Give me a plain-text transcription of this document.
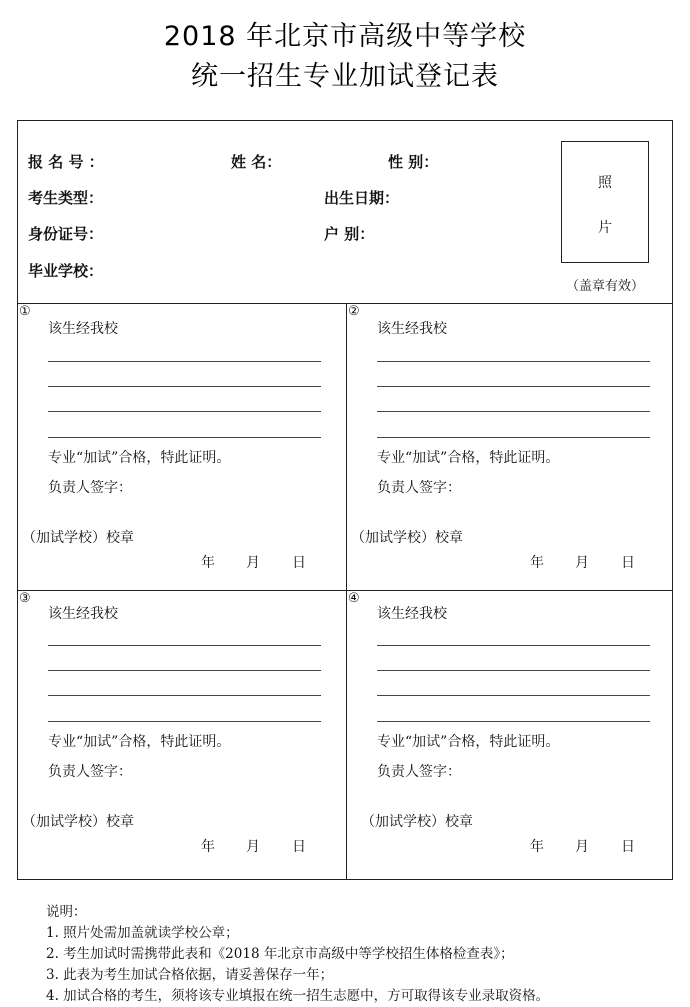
2018 年北京市高级中等学校
统一招生专业加试登记表
报 名 号 ：	姓 名：	性 别：
考生类型：	出生日期：
身份证号：	户 别：
毕业学校：
照
片
（盖章有效）
①
该生经我校
专业“加试”合格，特此证明。
负责人签字：
（加试学校）校章
年 月 日
②
该生经我校
专业“加试”合格，特此证明。
负责人签字：
（加试学校）校章
年 月 日
③
该生经我校
专业“加试”合格，特此证明。
负责人签字：
（加试学校）校章
年 月 日
④
该生经我校
专业“加试”合格，特此证明。
负责人签字：
（加试学校）校章
年 月 日
说明：
1. 照片处需加盖就读学校公章；
2. 考生加试时需携带此表和《2018 年北京市高级中等学校招生体格检查表》；
3. 此表为考生加试合格依据，请妥善保存一年；
4. 加试合格的考生，须将该专业填报在统一招生志愿中，方可取得该专业录取资格。
